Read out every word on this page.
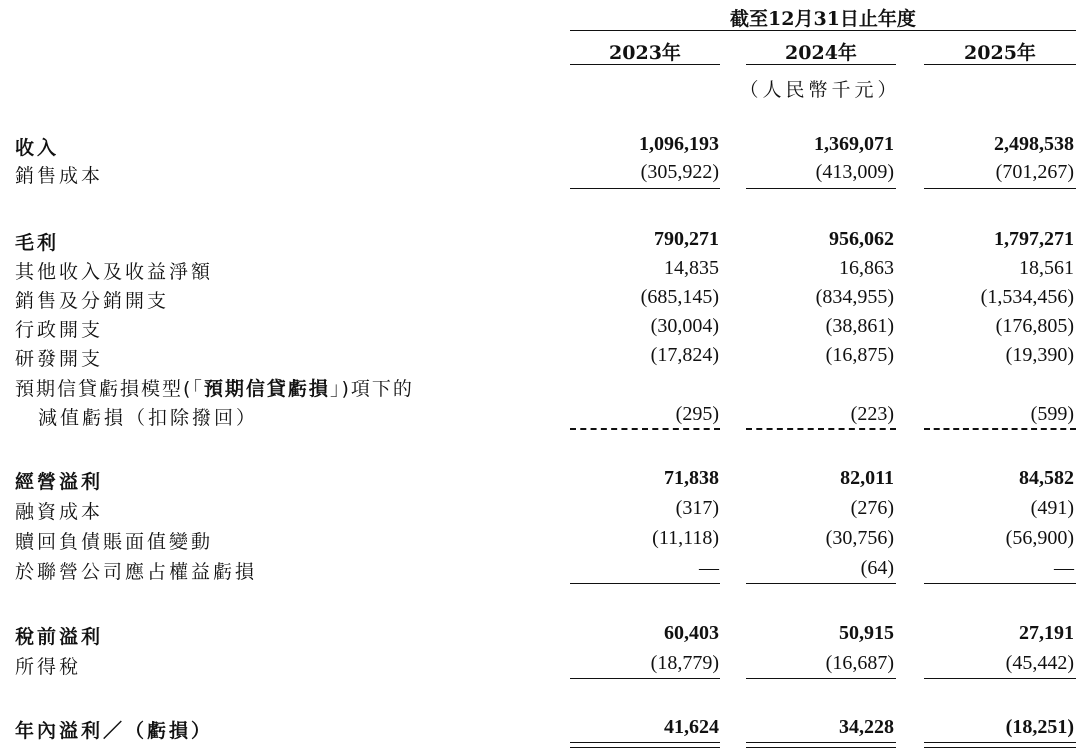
截至12月31日止年度
2023年	2024年	2025年
（人民幣千元）
收入	1,096,193	1,369,071	2,498,538
銷售成本	(305,922)	(413,009)	(701,267)
毛利	790,271	956,062	1,797,271
其他收入及收益淨額	14,835	16,863	18,561
銷售及分銷開支	(685,145)	(834,955)	(1,534,456)
行政開支	(30,004)	(38,861)	(176,805)
研發開支	(17,824)	(16,875)	(19,390)
預期信貸虧損模型(「預期信貸虧損」)項下的
減值虧損（扣除撥回）	(295)	(223)	(599)
經營溢利	71,838	82,011	84,582
融資成本	(317)	(276)	(491)
贖回負債賬面值變動	(11,118)	(30,756)	(56,900)
於聯營公司應占權益虧損	—	(64)	—
稅前溢利	60,403	50,915	27,191
所得稅	(18,779)	(16,687)	(45,442)
年內溢利／（虧損）	41,624	34,228	(18,251)
